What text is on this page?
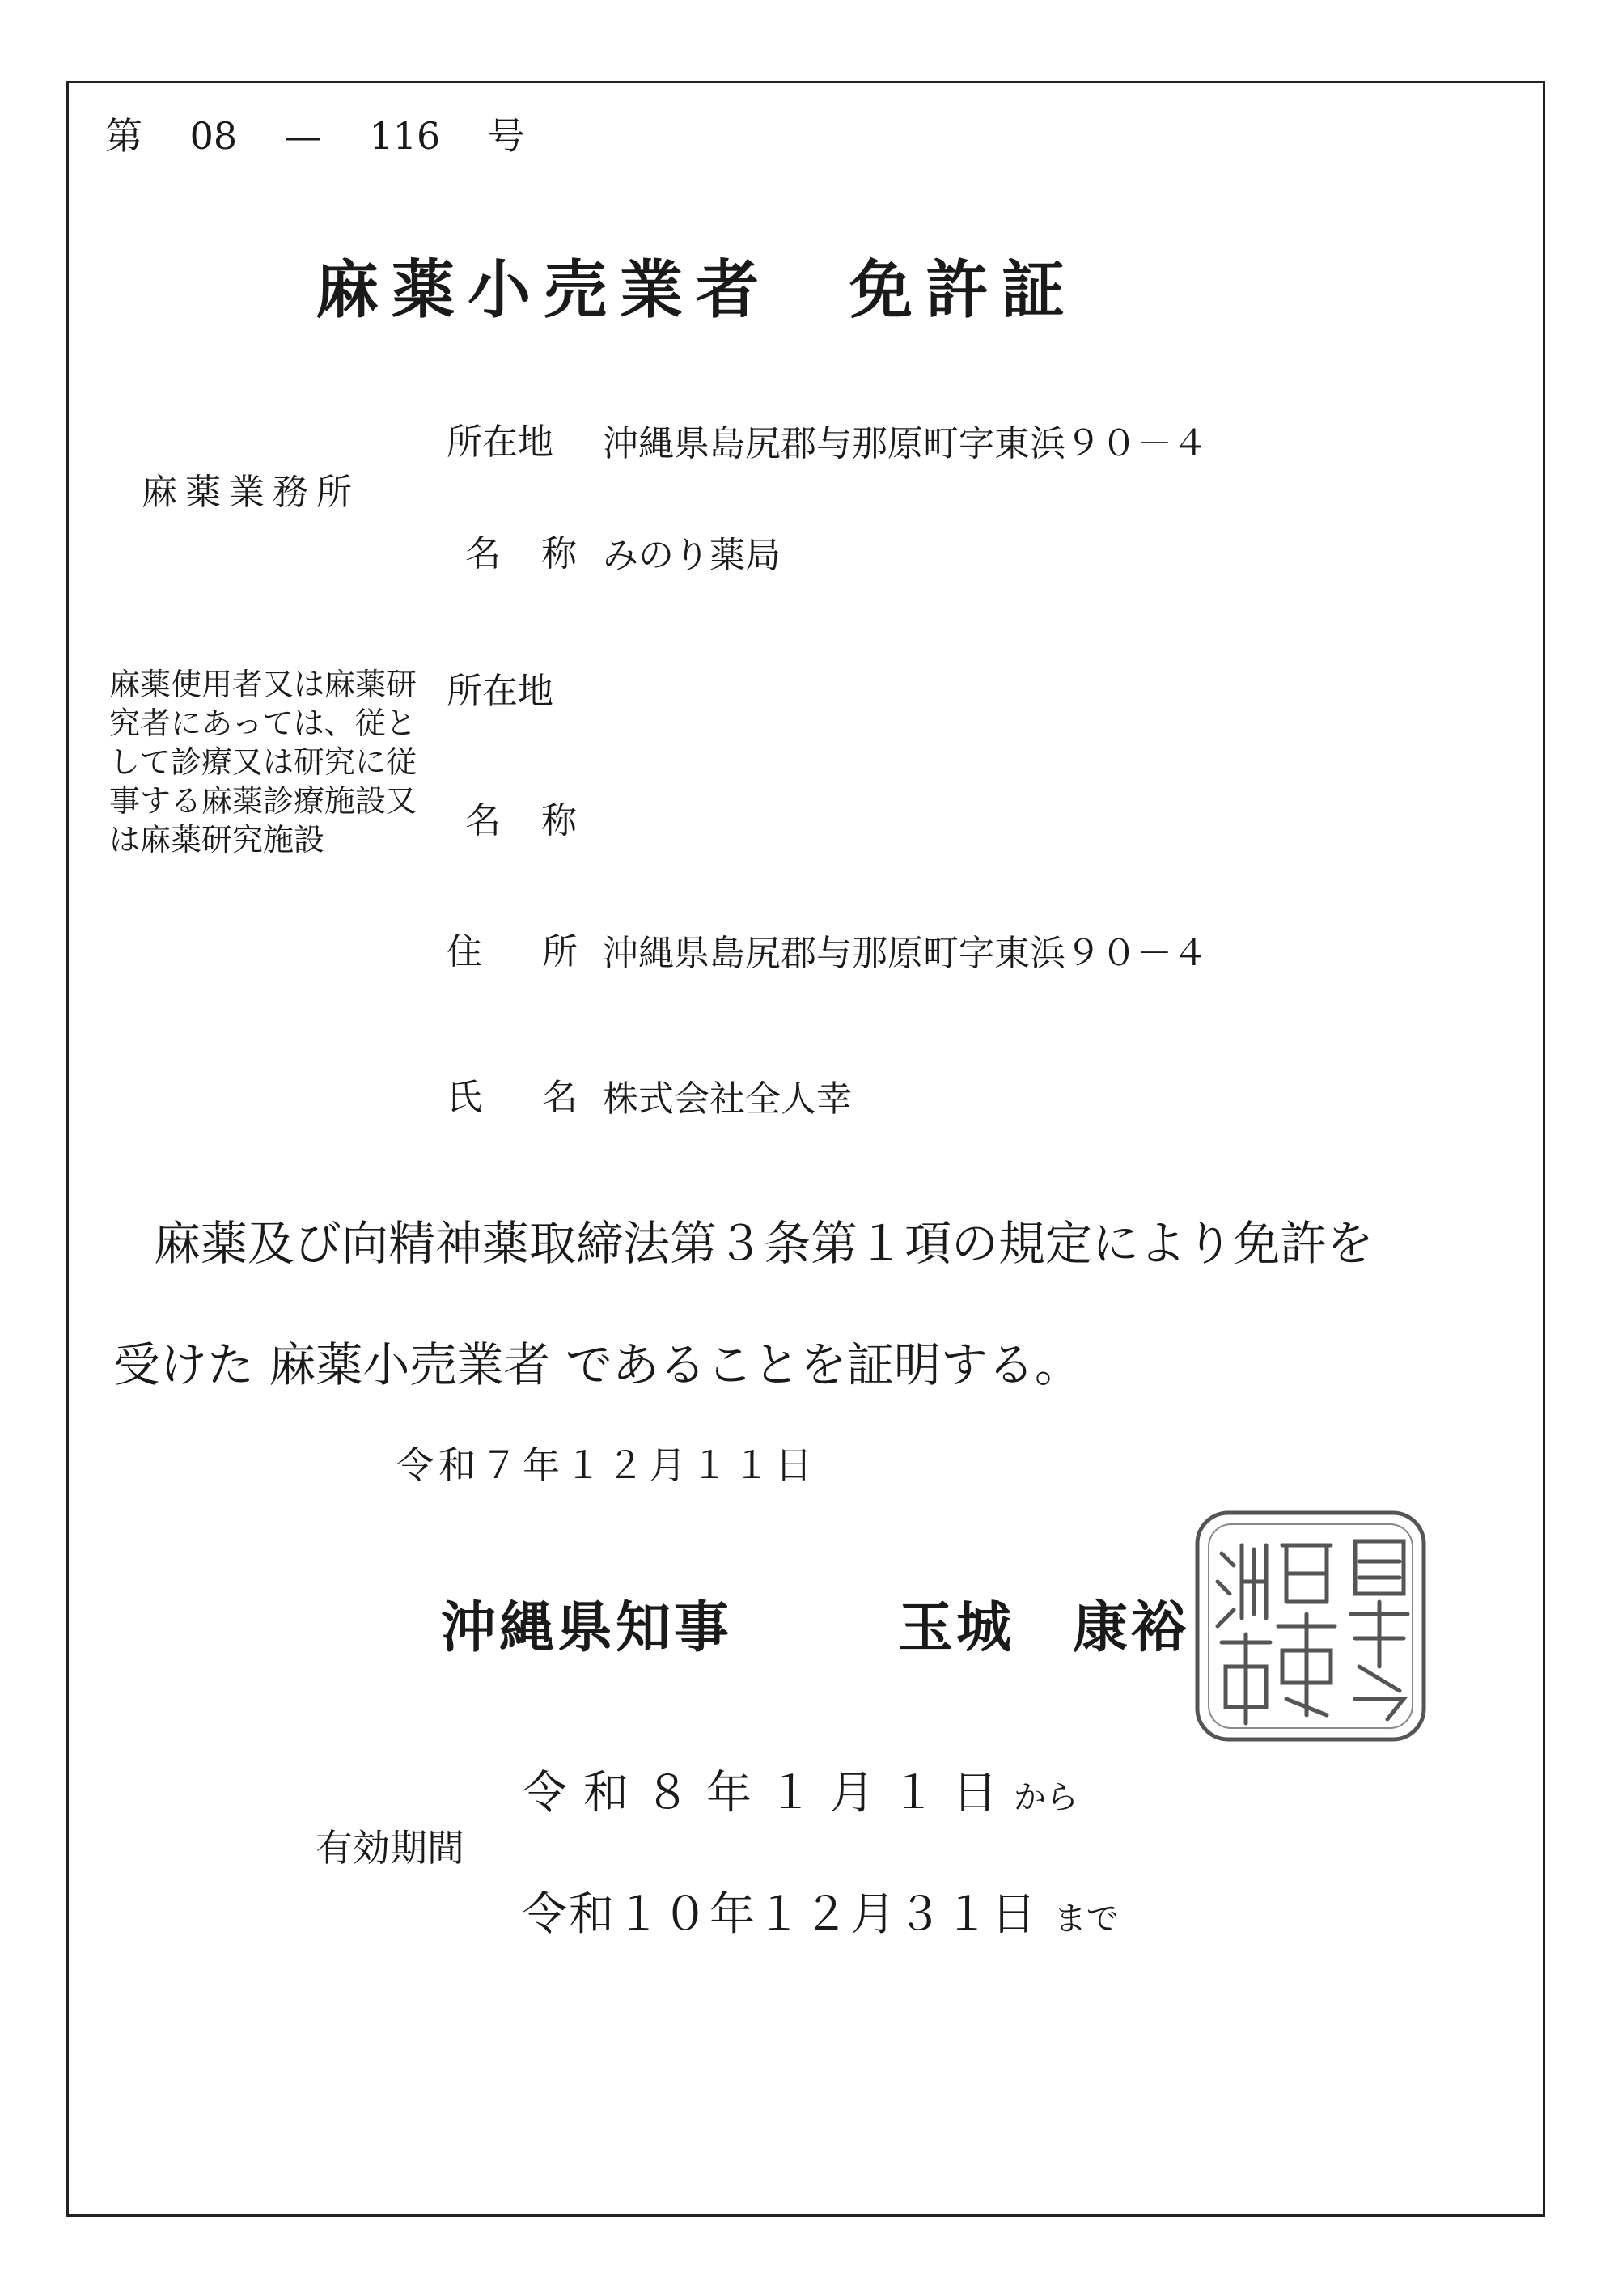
第 08 — 116 号
麻薬小売業者 免許証
麻薬業務所
所在地 沖縄県島尻郡与那原町字東浜９０－４
名 称 みのり薬局
麻薬使用者又は麻薬研究者にあっては、従として診療又は研究に従事する麻薬診療施設又は麻薬研究施設
所在地
名 称
住 所 沖縄県島尻郡与那原町字東浜９０－４
氏 名 株式会社全人幸
麻薬及び向精神薬取締法第３条第１項の規定により免許を
受けた 麻薬小売業者 であることを証明する。
令和７年１２月１１日
沖縄県知事	玉城　康裕
有効期間
令和８年１月１日から
令和１０年１２月３１日 まで
